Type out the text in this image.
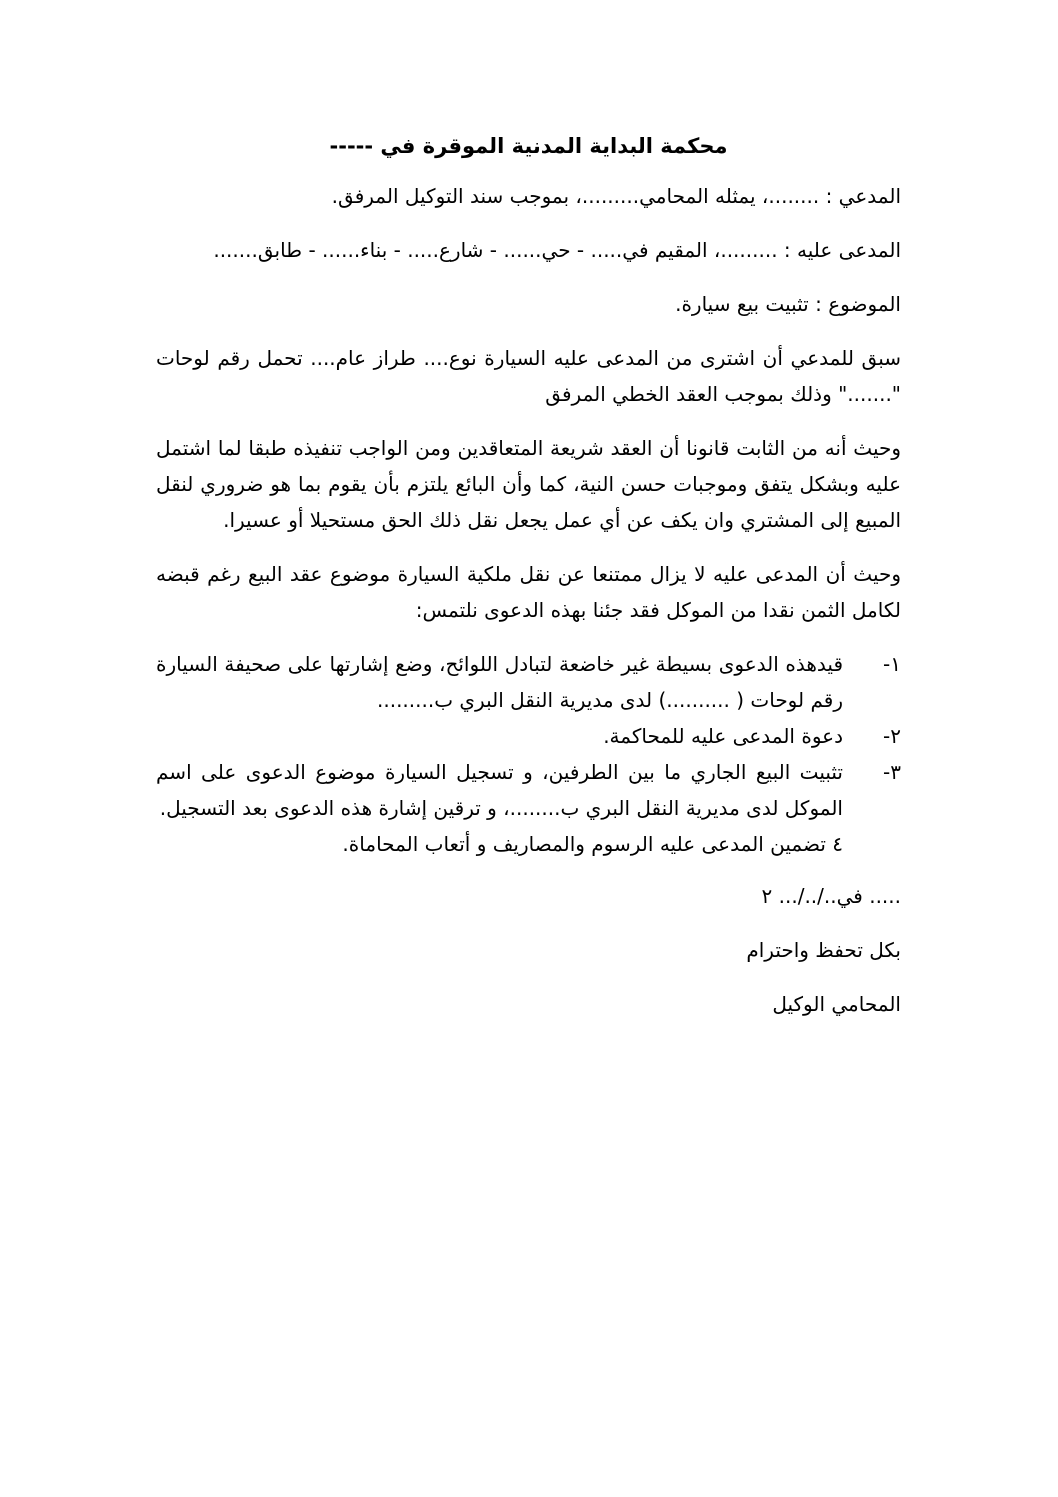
محكمة البداية المدنية الموقرة في -----
المدعي : ........، يمثله المحامي.........، بموجب سند التوكيل المرفق.
المدعى عليه : .........، المقيم في..... - حي...... - شارع..... - بناء...... - طابق.......
الموضوع : تثبيت بيع سيارة.
سبق للمدعي أن اشترى من المدعى عليه السيارة نوع.... طراز عام.... تحمل رقم لوحات "......." وذلك بموجب العقد الخطي المرفق
وحيث أنه من الثابت قانونا أن العقد شريعة المتعاقدين ومن الواجب تنفيذه طبقا لما اشتمل عليه وبشكل يتفق وموجبات حسن النية، كما وأن البائع يلتزم بأن يقوم بما هو ضروري لنقل المبيع إلى المشتري وان يكف عن أي عمل يجعل نقل ذلك الحق مستحيلا أو عسيرا.
وحيث أن المدعى عليه لا يزال ممتنعا عن نقل ملكية السيارة موضوع عقد البيع رغم قبضه لكامل الثمن نقدا من الموكل فقد جئنا بهذه الدعوى نلتمس:
١-
قيدهذه الدعوى بسيطة غير خاضعة لتبادل اللوائح، وضع إشارتها على صحيفة السيارة رقم لوحات ( ..........) لدى مديرية النقل البري ب.........
٢-
دعوة المدعى عليه للمحاكمة.
٣-
تثبيت البيع الجاري ما بين الطرفين، و تسجيل السيارة موضوع الدعوى على اسم الموكل لدى مديرية النقل البري ب........، و ترقين إشارة هذه الدعوى بعد التسجيل.
٤ تضمين المدعى عليه الرسوم والمصاريف و أتعاب المحاماة.
..... في../../... ٢
بكل تحفظ واحترام
المحامي الوكيل
